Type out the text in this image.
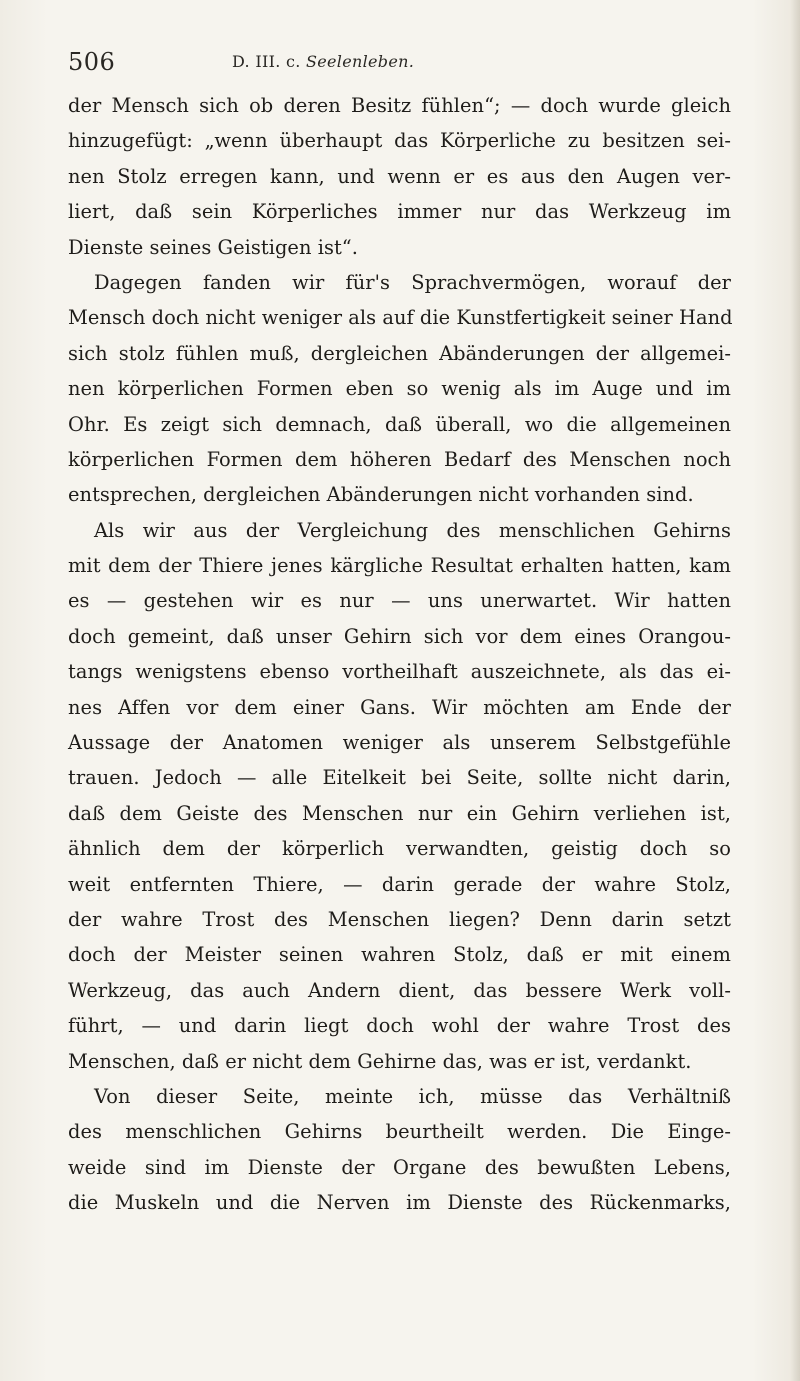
506	D. III. c. Seelenleben.
der Mensch sich ob deren Besitz fühlen“; — doch wurde gleich
hinzugefügt: „wenn überhaupt das Körperliche zu besitzen sei-
nen Stolz erregen kann, und wenn er es aus den Augen ver-
liert, daß sein Körperliches immer nur das Werkzeug im
Dienste seines Geistigen ist“.
Dagegen fanden wir für's Sprachvermögen, worauf der
Mensch doch nicht weniger als auf die Kunstfertigkeit seiner Hand
sich stolz fühlen muß, dergleichen Abänderungen der allgemei-
nen körperlichen Formen eben so wenig als im Auge und im
Ohr. Es zeigt sich demnach, daß überall, wo die allgemeinen
körperlichen Formen dem höheren Bedarf des Menschen noch
entsprechen, dergleichen Abänderungen nicht vorhanden sind.
Als wir aus der Vergleichung des menschlichen Gehirns
mit dem der Thiere jenes kärgliche Resultat erhalten hatten, kam
es — gestehen wir es nur — uns unerwartet. Wir hatten
doch gemeint, daß unser Gehirn sich vor dem eines Orangou-
tangs wenigstens ebenso vortheilhaft auszeichnete, als das ei-
nes Affen vor dem einer Gans. Wir möchten am Ende der
Aussage der Anatomen weniger als unserem Selbstgefühle
trauen. Jedoch — alle Eitelkeit bei Seite, sollte nicht darin,
daß dem Geiste des Menschen nur ein Gehirn verliehen ist,
ähnlich dem der körperlich verwandten, geistig doch so
weit entfernten Thiere, — darin gerade der wahre Stolz,
der wahre Trost des Menschen liegen? Denn darin setzt
doch der Meister seinen wahren Stolz, daß er mit einem
Werkzeug, das auch Andern dient, das bessere Werk voll-
führt, — und darin liegt doch wohl der wahre Trost des
Menschen, daß er nicht dem Gehirne das, was er ist, verdankt.
Von dieser Seite, meinte ich, müsse das Verhältniß
des menschlichen Gehirns beurtheilt werden. Die Einge-
weide sind im Dienste der Organe des bewußten Lebens,
die Muskeln und die Nerven im Dienste des Rückenmarks,
